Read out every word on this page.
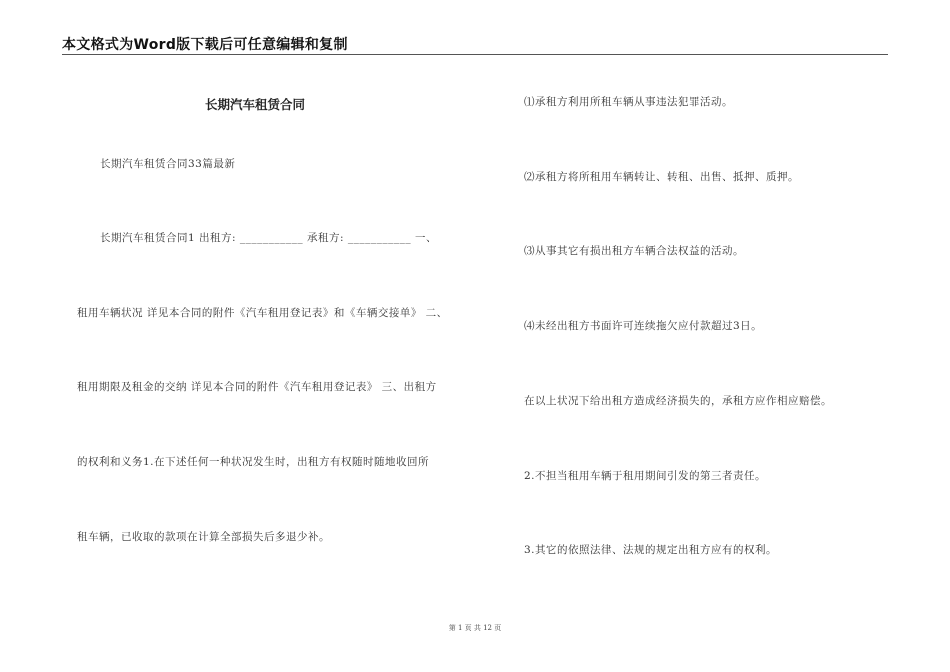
本文格式为Word版下载后可任意编辑和复制
长期汽车租赁合同
长期汽车租赁合同33篇最新
长期汽车租赁合同1 出租方: ___________ 承租方: ___________ 一、
租用车辆状况 详见本合同的附件《汽车租用登记表》和《车辆交接单》 二、
租用期限及租金的交纳 详见本合同的附件《汽车租用登记表》 三、出租方
的权利和义务1.在下述任何一种状况发生时，出租方有权随时随地收回所
租车辆，已收取的款项在计算全部损失后多退少补。
⑴承租方利用所租车辆从事违法犯罪活动。
⑵承租方将所租用车辆转让、转租、出售、抵押、质押。
⑶从事其它有损出租方车辆合法权益的活动。
⑷未经出租方书面许可连续拖欠应付款超过3日。
在以上状况下给出租方造成经济损失的，承租方应作相应赔偿。
2.不担当租用车辆于租用期间引发的第三者责任。
3.其它的依照法律、法规的规定出租方应有的权利。
第 1 页 共 12 页
